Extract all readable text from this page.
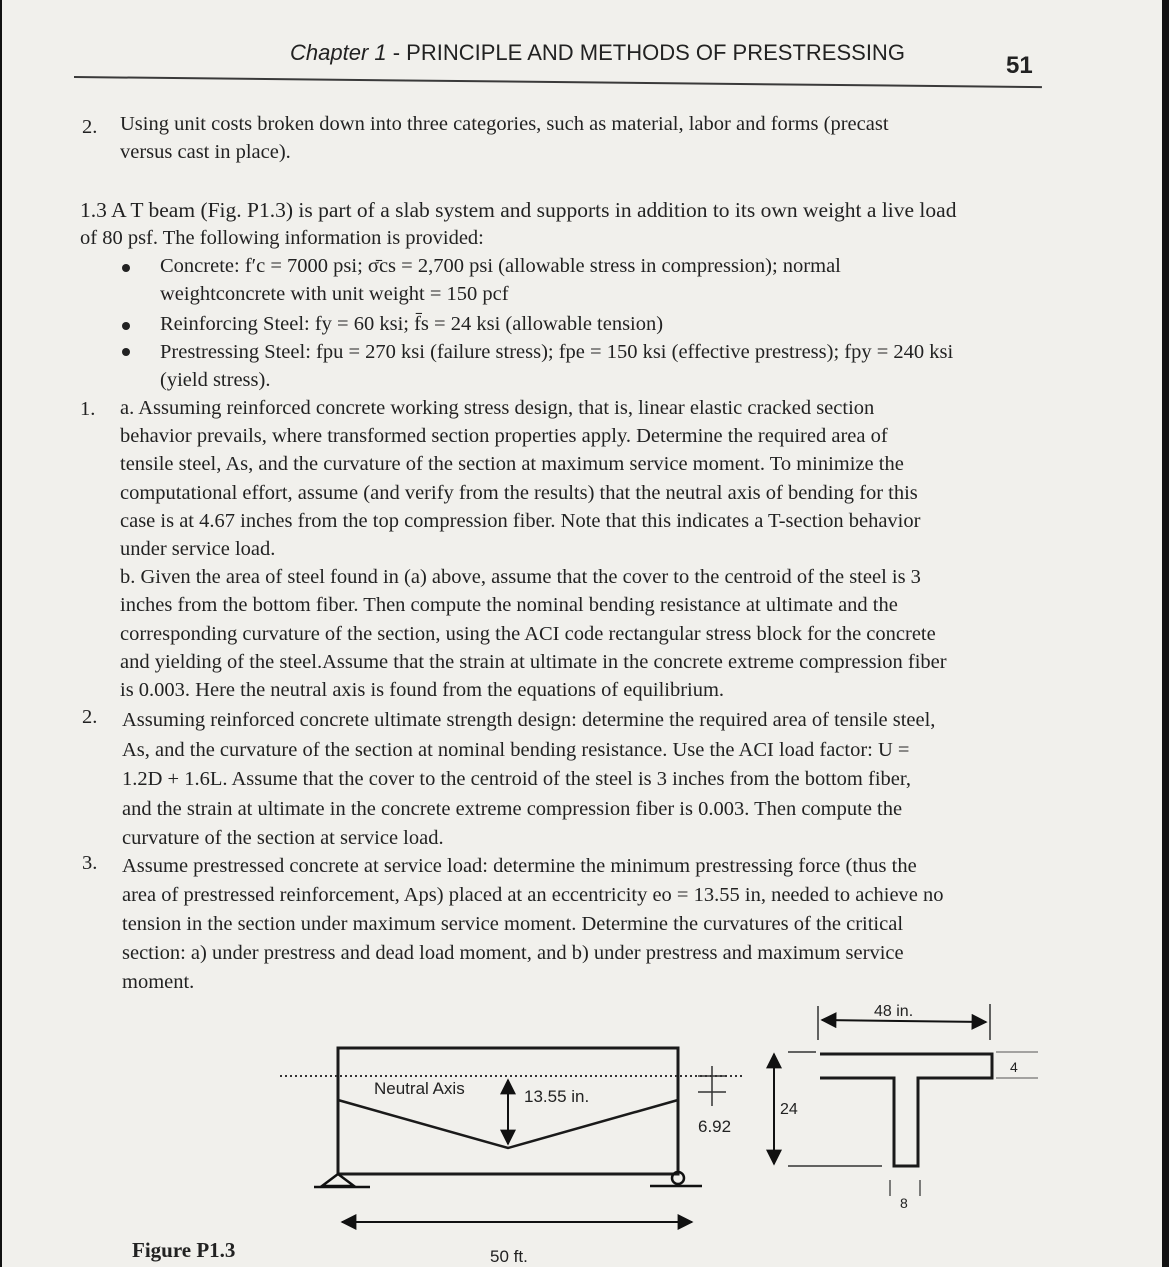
Chapter 1 - PRINCIPLE AND METHODS OF PRESTRESSING	51
2. Using unit costs broken down into three categories, such as material, labor and forms (precast
versus cast in place).
1.3 A T beam (Fig. P1.3) is part of a slab system and supports in addition to its own weight a live load
of 80 psf. The following information is provided:
Concrete: f′c = 7000 psi; σ̄cs = 2,700 psi (allowable stress in compression); normal
weightconcrete with unit weight = 150 pcf
Reinforcing Steel: fy = 60 ksi; f̄s = 24 ksi (allowable tension)
Prestressing Steel: fpu = 270 ksi (failure stress); fpe = 150 ksi (effective prestress); fpy = 240 ksi
(yield stress).
1. a. Assuming reinforced concrete working stress design, that is, linear elastic cracked section
behavior prevails, where transformed section properties apply. Determine the required area of
tensile steel, As, and the curvature of the section at maximum service moment. To minimize the
computational effort, assume (and verify from the results) that the neutral axis of bending for this
case is at 4.67 inches from the top compression fiber. Note that this indicates a T-section behavior
under service load.
b. Given the area of steel found in (a) above, assume that the cover to the centroid of the steel is 3
inches from the bottom fiber. Then compute the nominal bending resistance at ultimate and the
corresponding curvature of the section, using the ACI code rectangular stress block for the concrete
and yielding of the steel.Assume that the strain at ultimate in the concrete extreme compression fiber
is 0.003. Here the neutral axis is found from the equations of equilibrium.
2. Assuming reinforced concrete ultimate strength design: determine the required area of tensile steel,
As, and the curvature of the section at nominal bending resistance. Use the ACI load factor: U =
1.2D + 1.6L. Assume that the cover to the centroid of the steel is 3 inches from the bottom fiber,
and the strain at ultimate in the concrete extreme compression fiber is 0.003. Then compute the
curvature of the section at service load.
3. Assume prestressed concrete at service load: determine the minimum prestressing force (thus the
area of prestressed reinforcement, Aps) placed at an eccentricity eo = 13.55 in, needed to achieve no
tension in the section under maximum service moment. Determine the curvatures of the critical
section: a) under prestress and dead load moment, and b) under prestress and maximum service
moment.
Neutral Axis	13.55 in.
6.92
50 ft.
48 in.
24
4
8
Figure P1.3
